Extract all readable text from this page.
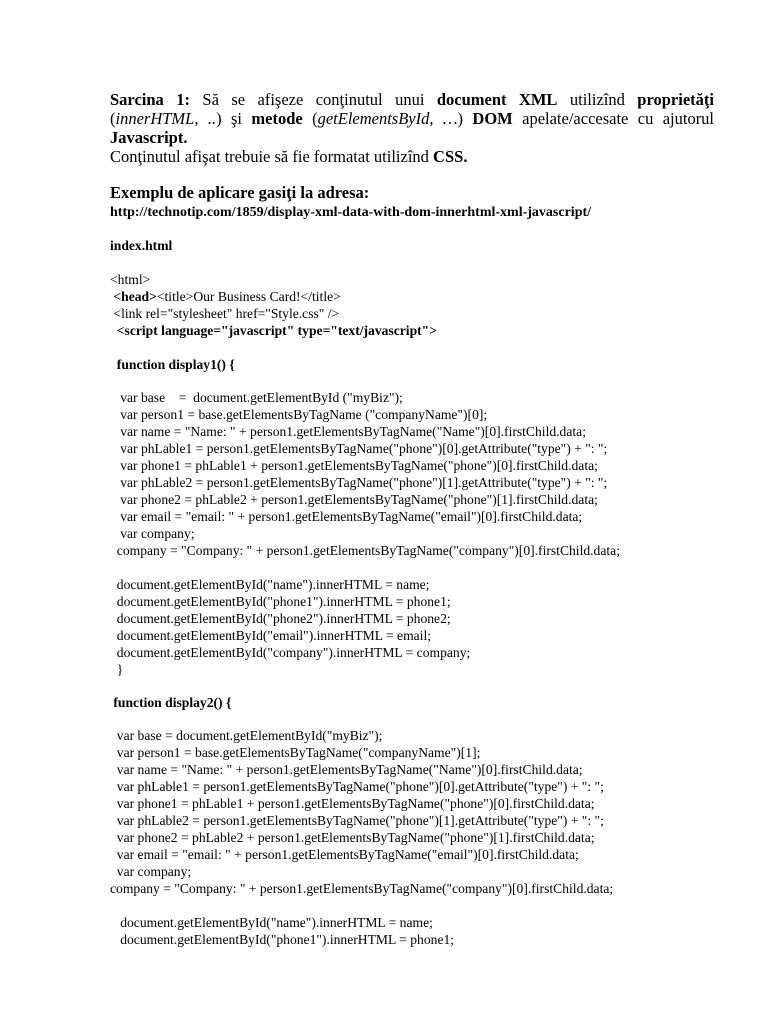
Sarcina 1: Să se afişeze conţinutul unui document XML utilizînd proprietăţi (innerHTML, ..) şi metode (getElementsById, …) DOM apelate/accesate cu ajutorul Javascript.
Conţinutul afişat trebuie să fie formatat utilizînd CSS.
Exemplu de aplicare gasiţi la adresa:
http://technotip.com/1859/display-xml-data-with-dom-innerhtml-xml-javascript/
index.html
<html>
<head><title>Our Business Card!</title>
<link rel="stylesheet" href="Style.css" />
<script language="javascript" type="text/javascript">
function display1() {
var base    =  document.getElementById ("myBiz");
var person1 = base.getElementsByTagName ("companyName")[0];
var name = "Name: " + person1.getElementsByTagName("Name")[0].firstChild.data;
var phLable1 = person1.getElementsByTagName("phone")[0].getAttribute("type") + ": ";
var phone1 = phLable1 + person1.getElementsByTagName("phone")[0].firstChild.data;
var phLable2 = person1.getElementsByTagName("phone")[1].getAttribute("type") + ": ";
var phone2 = phLable2 + person1.getElementsByTagName("phone")[1].firstChild.data;
var email = "email: " + person1.getElementsByTagName("email")[0].firstChild.data;
var company;
company = "Company: " + person1.getElementsByTagName("company")[0].firstChild.data;
document.getElementById("name").innerHTML = name;
document.getElementById("phone1").innerHTML = phone1;
document.getElementById("phone2").innerHTML = phone2;
document.getElementById("email").innerHTML = email;
document.getElementById("company").innerHTML = company;
}
function display2() {
var base = document.getElementById("myBiz");
var person1 = base.getElementsByTagName("companyName")[1];
var name = "Name: " + person1.getElementsByTagName("Name")[0].firstChild.data;
var phLable1 = person1.getElementsByTagName("phone")[0].getAttribute("type") + ": ";
var phone1 = phLable1 + person1.getElementsByTagName("phone")[0].firstChild.data;
var phLable2 = person1.getElementsByTagName("phone")[1].getAttribute("type") + ": ";
var phone2 = phLable2 + person1.getElementsByTagName("phone")[1].firstChild.data;
var email = "email: " + person1.getElementsByTagName("email")[0].firstChild.data;
var company;
company = "Company: " + person1.getElementsByTagName("company")[0].firstChild.data;
document.getElementById("name").innerHTML = name;
document.getElementById("phone1").innerHTML = phone1;
